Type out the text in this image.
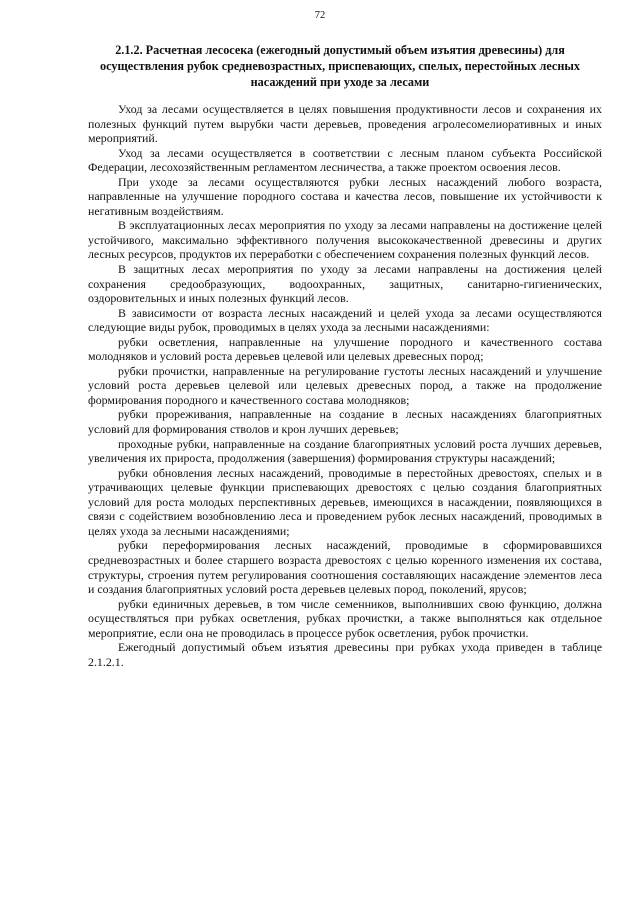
72
2.1.2. Расчетная лесосека (ежегодный допустимый объем изъятия древесины) для осуществления рубок средневозрастных, приспевающих, спелых, перестойных лесных насаждений при уходе за лесами

Уход за лесами осуществляется в целях повышения продуктивности лесов и сохранения их полезных функций путем вырубки части деревьев, проведения агролесомелиоративных и иных мероприятий.

Уход за лесами осуществляется в соответствии с лесным планом субъекта Российской Федерации, лесохозяйственным регламентом лесничества, а также проектом освоения лесов.

При уходе за лесами осуществляются рубки лесных насаждений любого возраста, направленные на улучшение породного состава и качества лесов, повышение их устойчивости к негативным воздействиям.

В эксплуатационных лесах мероприятия по уходу за лесами направлены на достижение целей устойчивого, максимально эффективного получения высококачественной древесины и других лесных ресурсов, продуктов их переработки с обеспечением сохранения полезных функций лесов.

В защитных лесах мероприятия по уходу за лесами направлены на достижения целей сохранения средообразующих, водоохранных, защитных, санитарно-гигиенических, оздоровительных и иных полезных функций лесов.

В зависимости от возраста лесных насаждений и целей ухода за лесами осуществляются следующие виды рубок, проводимых в целях ухода за лесными насаждениями:

рубки осветления, направленные на улучшение породного и качественного состава молодняков и условий роста деревьев целевой или целевых древесных пород;

рубки прочистки, направленные на регулирование густоты лесных насаждений и улучшение условий роста деревьев целевой или целевых древесных пород, а также на продолжение формирования породного и качественного состава молодняков;

рубки прореживания, направленные на создание в лесных насаждениях благоприятных условий для формирования стволов и крон лучших деревьев;

проходные рубки, направленные на создание благоприятных условий роста лучших деревьев, увеличения их прироста, продолжения (завершения) формирования структуры насаждений;

рубки обновления лесных насаждений, проводимые в перестойных древостоях, спелых и в утрачивающих целевые функции приспевающих древостоях с целью создания благоприятных условий для роста молодых перспективных деревьев, имеющихся в насаждении, появляющихся в связи с содействием возобновлению леса и проведением рубок лесных насаждений, проводимых в целях ухода за лесными насаждениями;

рубки переформирования лесных насаждений, проводимые в сформировавшихся средневозрастных и более старшего возраста древостоях с целью коренного изменения их состава, структуры, строения путем регулирования соотношения составляющих насаждение элементов леса и создания благоприятных условий роста деревьев целевых пород, поколений, ярусов;

рубки единичных деревьев, в том числе семенников, выполнивших свою функцию, должна осуществляться при рубках осветления, рубках прочистки, а также выполняться как отдельное мероприятие, если она не проводилась в процессе рубок осветления, рубок прочистки.

Ежегодный допустимый объем изъятия древесины при рубках ухода приведен в таблице 2.1.2.1.
